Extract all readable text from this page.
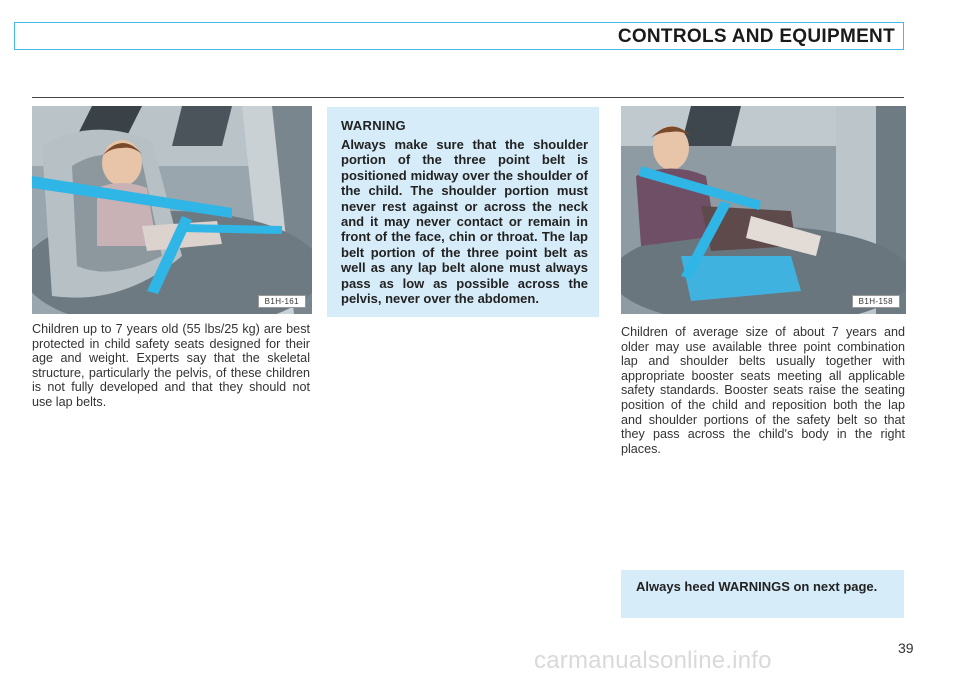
CONTROLS AND EQUIPMENT
B1H-161

Children up to 7 years old (55 lbs/25 kg) are best protected in child safety seats designed for their age and weight. Experts say that the skeletal structure, particularly the pelvis, of these children is not fully developed and that they should not use lap belts.

WARNING

Always make sure that the shoulder portion of the three point belt is positioned midway over the shoulder of the child. The shoulder portion must never rest against or across the neck and it may never contact or remain in front of the face, chin or throat. The lap belt portion of the three point belt as well as any lap belt alone must always pass as low as possible across the pelvis, never over the abdomen.	B1H-158

Children of average size of about 7 years and older may use available three point combination lap and shoulder belts usually together with appropriate booster seats meeting all applicable safety standards. Booster seats raise the seating position of the child and reposition both the lap and shoulder portions of the safety belt so that they pass across the child's body in the right places.

Always heed WARNINGS on next page.

39
carmanualsonline.info
